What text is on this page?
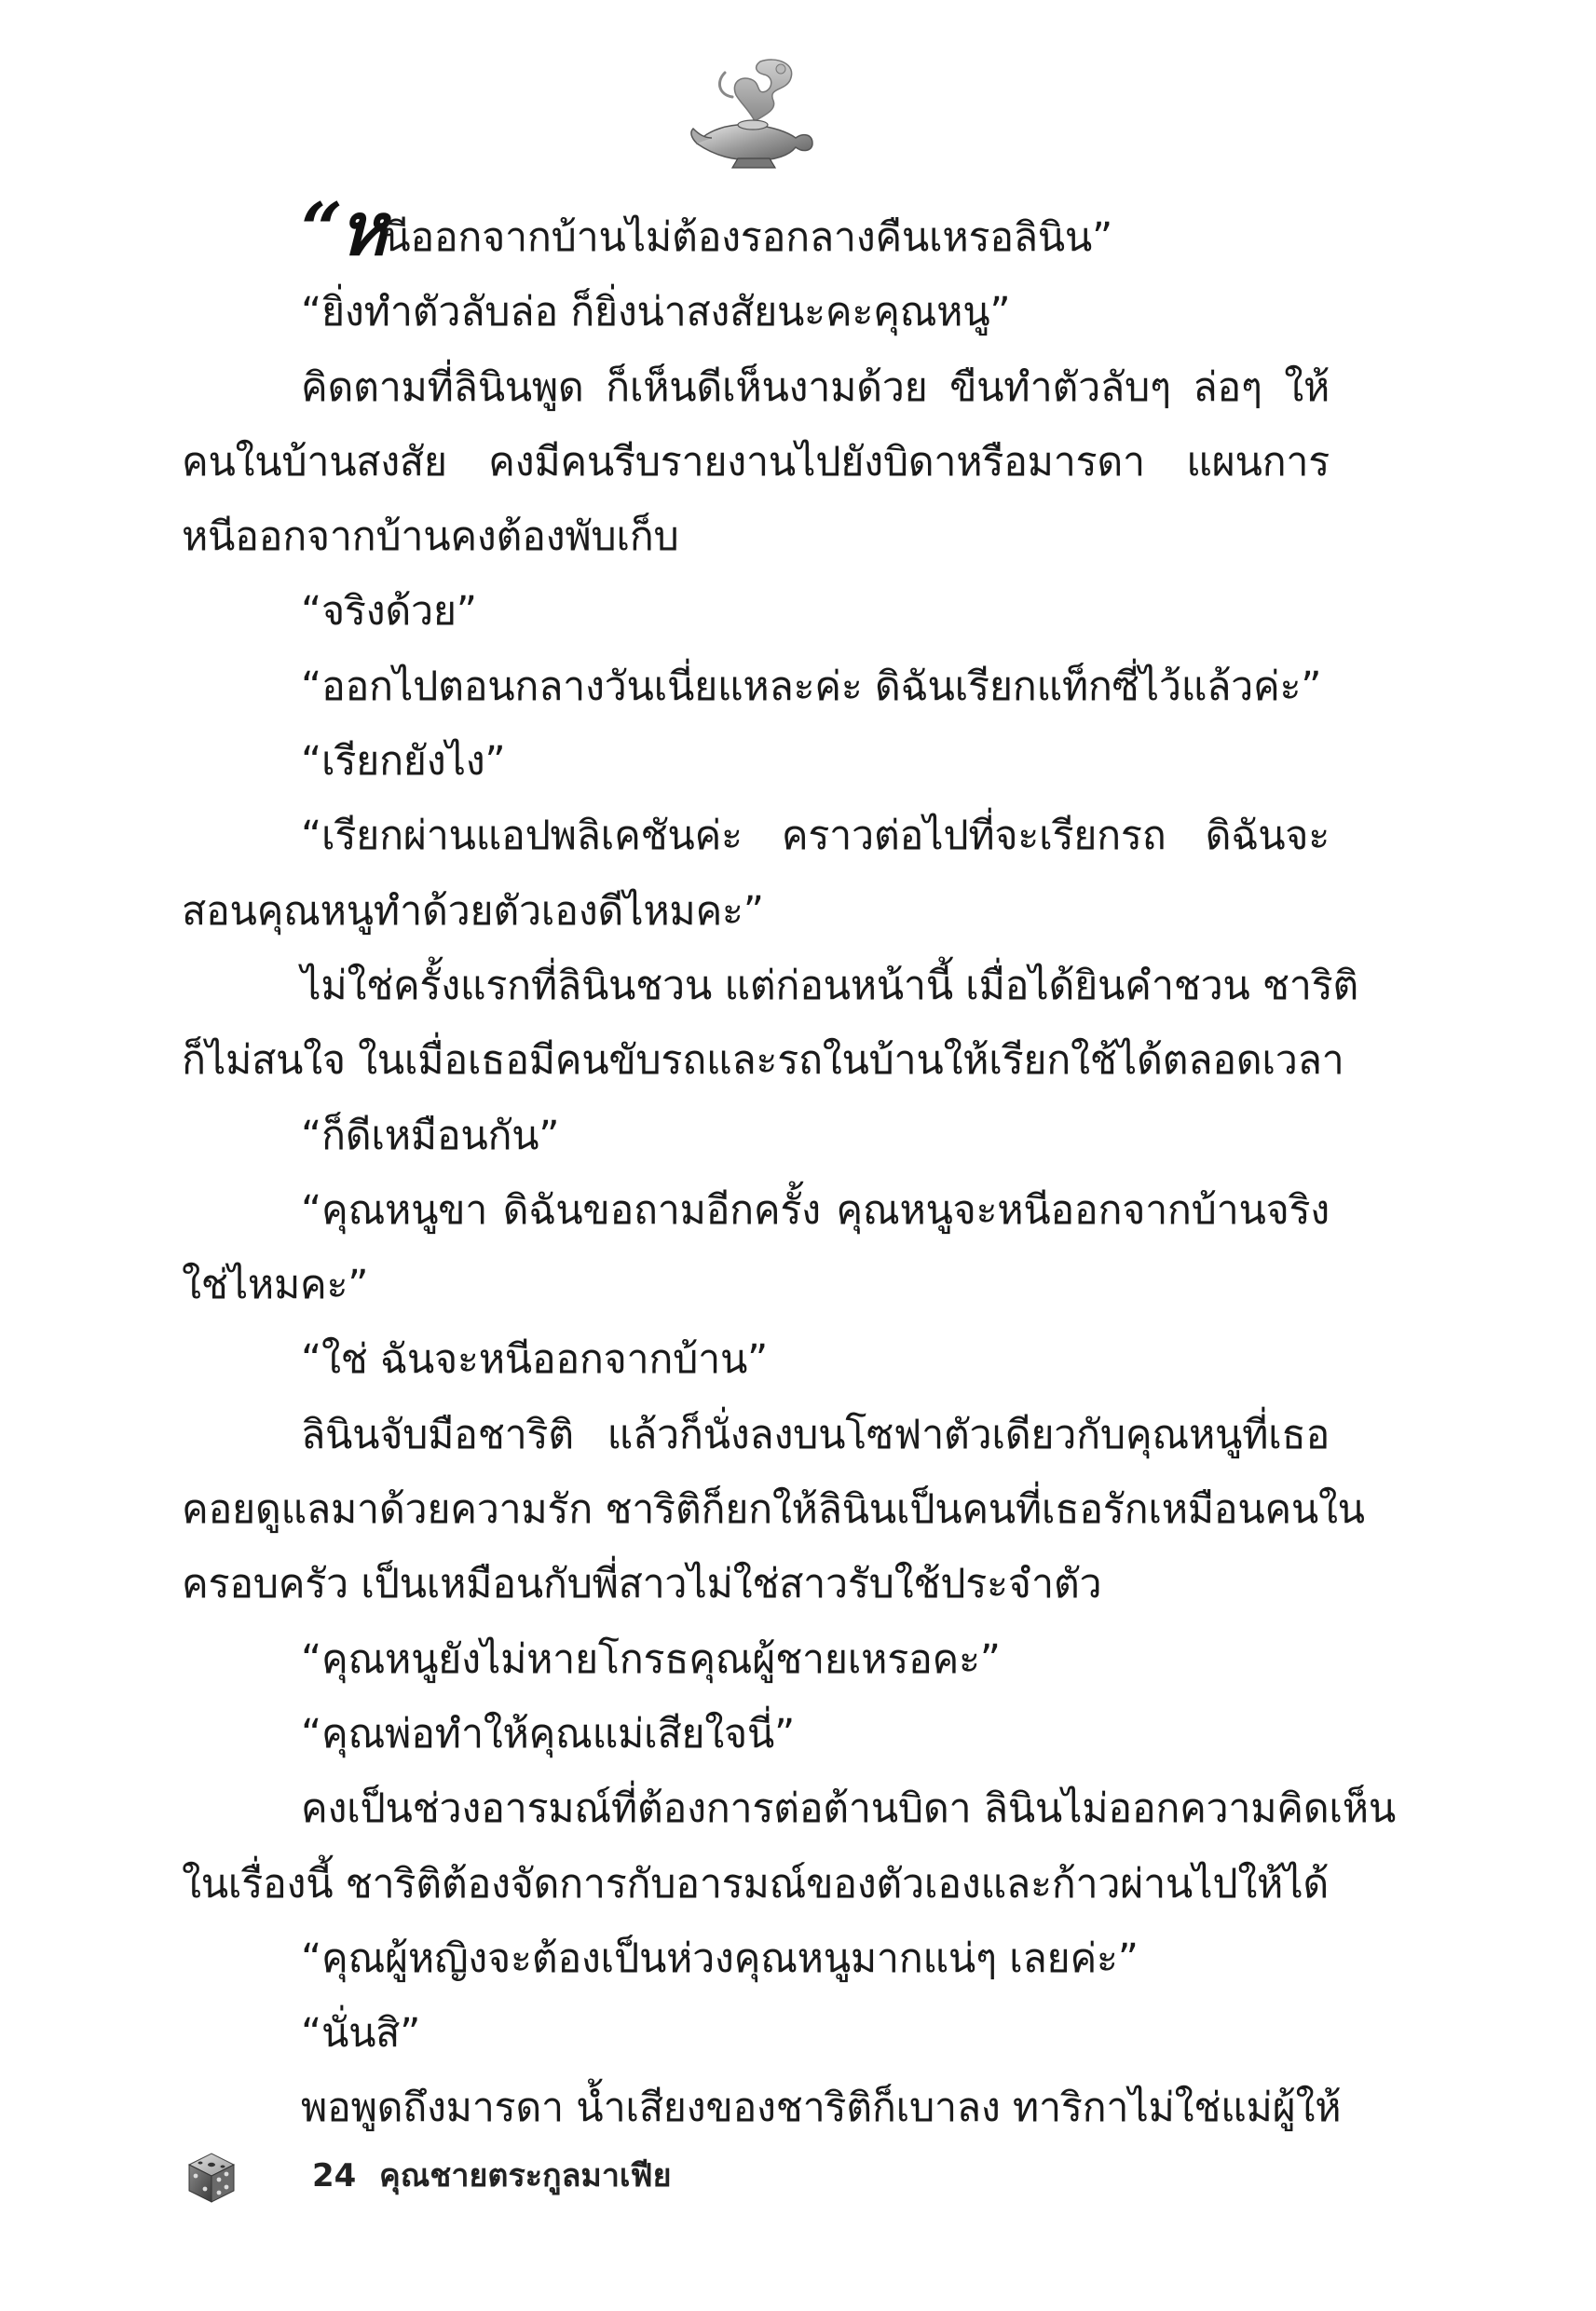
“หนีออกจากบ้านไม่ต้องรอกลางคืนเหรอลินิน”
“ยิ่งทำตัวลับล่อ ก็ยิ่งน่าสงสัยนะคะคุณหนู”
คิดตามที่ลินินพูด ก็เห็นดีเห็นงามด้วย ขืนทำตัวลับๆ ล่อๆ ให้
คนในบ้านสงสัย คงมีคนรีบรายงานไปยังบิดาหรือมารดา แผนการ
หนีออกจากบ้านคงต้องพับเก็บ
“จริงด้วย”
“ออกไปตอนกลางวันเนี่ยแหละค่ะ ดิฉันเรียกแท็กซี่ไว้แล้วค่ะ”
“เรียกยังไง”
“เรียกผ่านแอปพลิเคชันค่ะ คราวต่อไปที่จะเรียกรถ ดิฉันจะ
สอนคุณหนูทำด้วยตัวเองดีไหมคะ”
ไม่ใช่ครั้งแรกที่ลินินชวน แต่ก่อนหน้านี้ เมื่อได้ยินคำชวน ชาริติ
ก็ไม่สนใจ ในเมื่อเธอมีคนขับรถและรถในบ้านให้เรียกใช้ได้ตลอดเวลา
“ก็ดีเหมือนกัน”
“คุณหนูขา ดิฉันขอถามอีกครั้ง คุณหนูจะหนีออกจากบ้านจริง
ใช่ไหมคะ”
“ใช่ ฉันจะหนีออกจากบ้าน”
ลินินจับมือชาริติ แล้วก็นั่งลงบนโซฟาตัวเดียวกับคุณหนูที่เธอ
คอยดูแลมาด้วยความรัก ชาริติก็ยกให้ลินินเป็นคนที่เธอรักเหมือนคนใน
ครอบครัว เป็นเหมือนกับพี่สาวไม่ใช่สาวรับใช้ประจำตัว
“คุณหนูยังไม่หายโกรธคุณผู้ชายเหรอคะ”
“คุณพ่อทำให้คุณแม่เสียใจนี่”
คงเป็นช่วงอารมณ์ที่ต้องการต่อต้านบิดา ลินินไม่ออกความคิดเห็น
ในเรื่องนี้ ชาริติต้องจัดการกับอารมณ์ของตัวเองและก้าวผ่านไปให้ได้
“คุณผู้หญิงจะต้องเป็นห่วงคุณหนูมากแน่ๆ เลยค่ะ”
“นั่นสิ”
พอพูดถึงมารดา น้ำเสียงของชาริติก็เบาลง ทาริกาไม่ใช่แม่ผู้ให้
24 คุณชายตระกูลมาเฟีย
